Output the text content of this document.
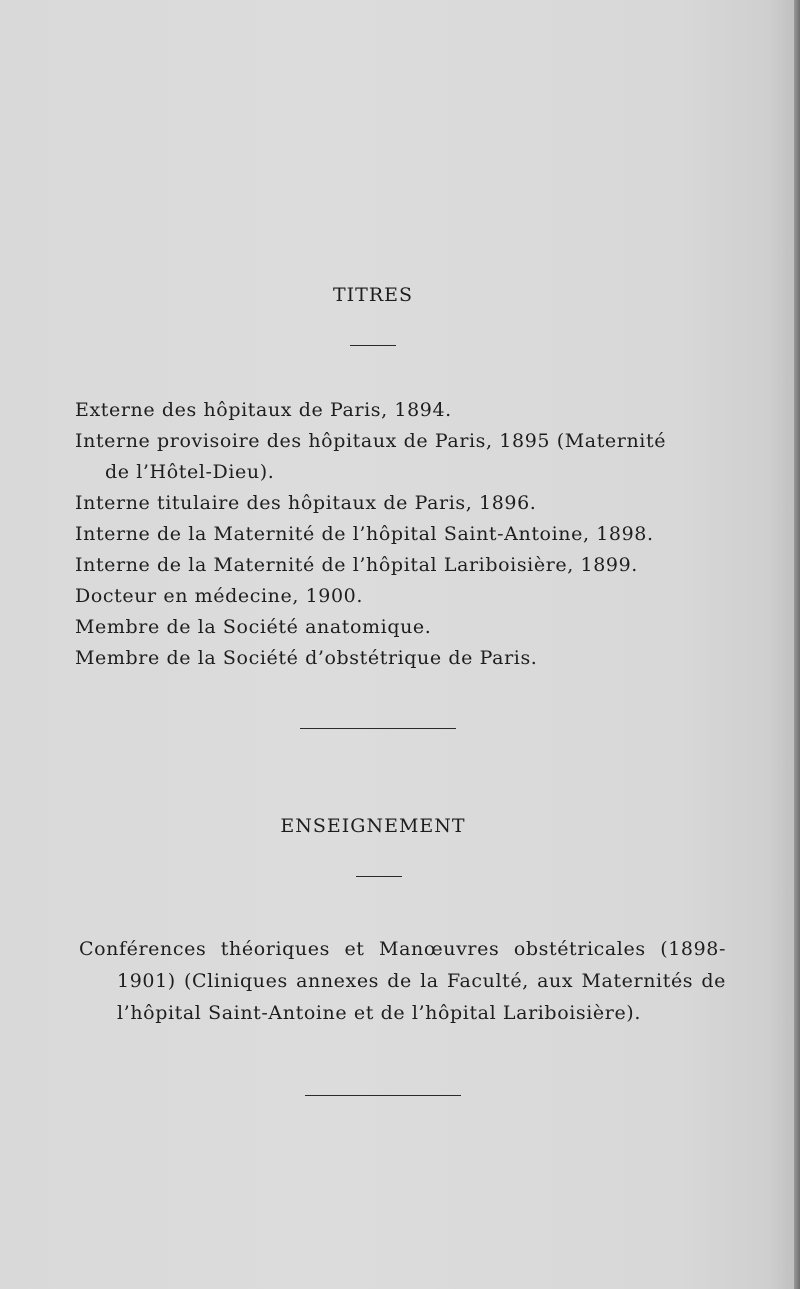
TITRES
Externe des hôpitaux de Paris, 1894.
Interne provisoire des hôpitaux de Paris, 1895 (Maternité de l’Hôtel-Dieu).
Interne titulaire des hôpitaux de Paris, 1896.
Interne de la Maternité de l’hôpital Saint-Antoine, 1898.
Interne de la Maternité de l’hôpital Lariboisière, 1899.
Docteur en médecine, 1900.
Membre de la Société anatomique.
Membre de la Société d’obstétrique de Paris.
ENSEIGNEMENT

Conférences théoriques et Manœuvres obstétricales (1898-1901) (Cliniques annexes de la Faculté, aux Maternités de l’hôpital Saint-Antoine et de l’hôpital Lariboisière).
